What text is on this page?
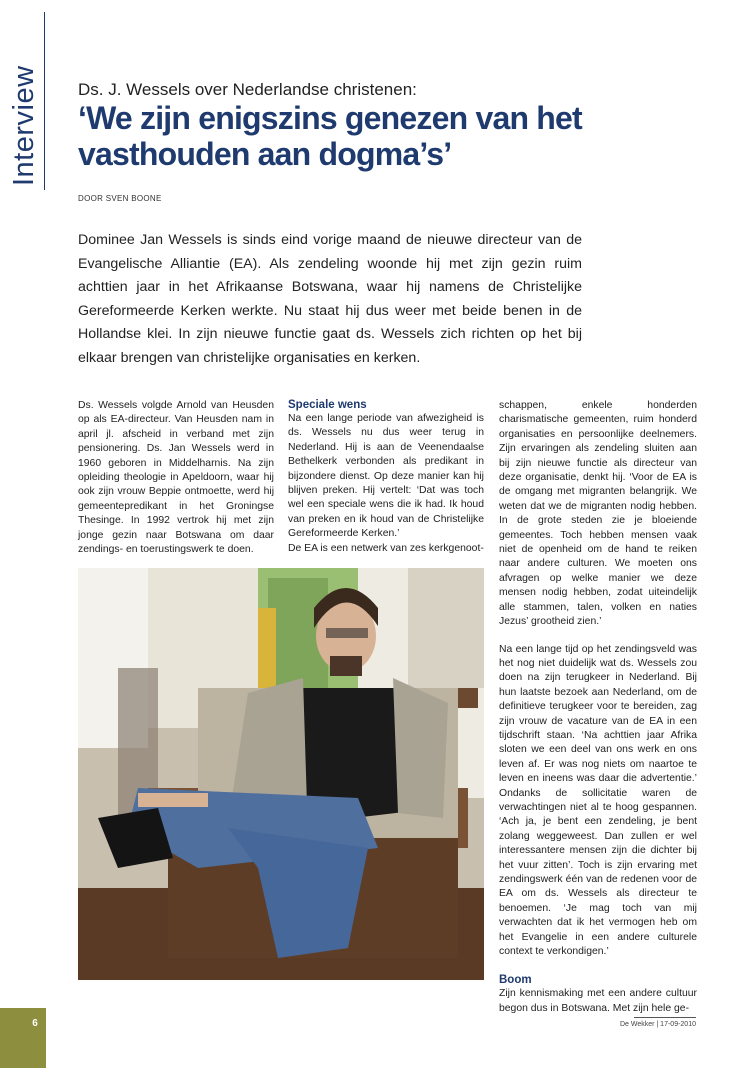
Interview Ds. J. Wessels over Nederlandse christenen:
‘We zijn enigszins genezen van het vasthouden aan dogma’s’
DOOR SVEN BOONE

Dominee Jan Wessels is sinds eind vorige maand de nieuwe directeur van de Evangelische Alliantie (EA). Als zendeling woonde hij met zijn gezin ruim achttien jaar in het Afrikaanse Botswana, waar hij namens de Christelijke Gereformeerde Kerken werkte. Nu staat hij dus weer met beide benen in de Hollandse klei. In zijn nieuwe functie gaat ds. Wessels zich richten op het bij elkaar brengen van christelijke organisaties en kerken.

Ds. Wessels volgde Arnold van Heusden op als EA-directeur. Van Heusden nam in april jl. afscheid in verband met zijn pensionering. Ds. Jan Wessels werd in 1960 geboren in Middelharnis. Na zijn opleiding theologie in Apeldoorn, waar hij ook zijn vrouw Beppie ontmoette, werd hij gemeentepredikant in het Groningse Thesinge. In 1992 vertrok hij met zijn jonge gezin naar Botswana om daar zendings- en toerustingswerk te doen.

Speciale wens

Na een lange periode van afwezigheid is ds. Wessels nu dus weer terug in Nederland. Hij is aan de Veenendaalse Bethelkerk verbonden als predikant in bijzondere dienst. Op deze manier kan hij blijven preken. Hij vertelt: ‘Dat was toch wel een speciale wens die ik had. Ik houd van preken en ik houd van de Christelijke Gereformeerde Kerken.’

De EA is een netwerk van zes kerkgenoot-

schappen, enkele honderden charismatische gemeenten, ruim honderd organisaties en persoonlijke deelnemers. Zijn ervaringen als zendeling sluiten aan bij zijn nieuwe functie als directeur van deze organisatie, denkt hij. ‘Voor de EA is de omgang met migranten belangrijk. We weten dat we de migranten nodig hebben. In de grote steden zie je bloeiende gemeentes. Toch hebben mensen vaak niet de openheid om de hand te reiken naar andere culturen. We moeten ons afvragen op welke manier we deze mensen nodig hebben, zodat uiteindelijk alle stammen, talen, volken en naties Jezus’ grootheid zien.’

Na een lange tijd op het zendingsveld was het nog niet duidelijk wat ds. Wessels zou doen na zijn terugkeer in Nederland. Bij hun laatste bezoek aan Nederland, om de definitieve terugkeer voor te bereiden, zag zijn vrouw de vacature van de EA in een tijdschrift staan. ‘Na achttien jaar Afrika sloten we een deel van ons werk en ons leven af. Er was nog niets om naartoe te leven en ineens was daar die advertentie.’ Ondanks de sollicitatie waren de verwachtingen niet al te hoog gespannen. ‘Ach ja, je bent een zendeling, je bent zolang weggeweest. Dan zullen er wel interessantere mensen zijn die dichter bij het vuur zitten’. Toch is zijn ervaring met zendingswerk één van de redenen voor de EA om ds. Wessels als directeur te benoemen. ‘Je mag toch van mij verwachten dat ik het vermogen heb om het Evangelie in een andere culturele context te verkondigen.’

Boom

Zijn kennismaking met een andere cultuur begon dus in Botswana. Met zijn hele ge-

6	De Wekker | 17-09-2010
